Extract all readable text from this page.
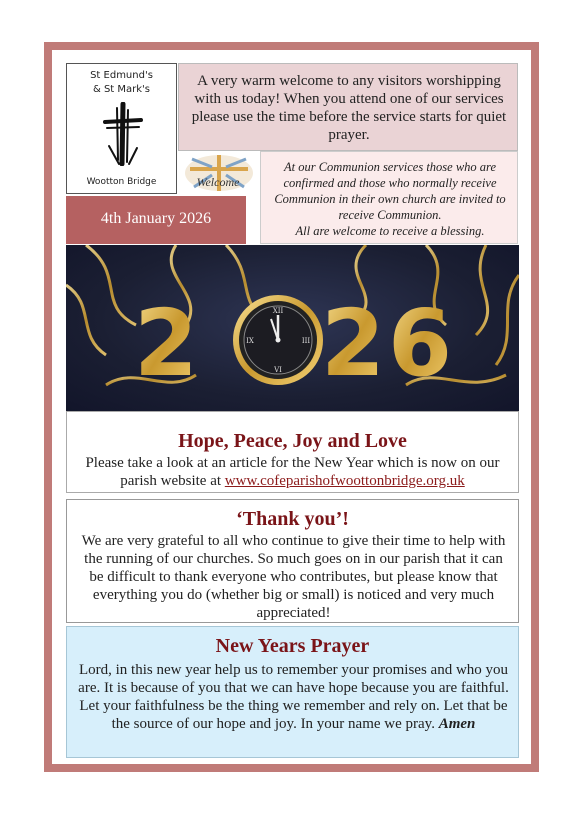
St Edmund's
& St Mark's
Wootton Bridge
A very warm welcome to any visitors worshipping with us today! When you attend one of our services please use the time before the service starts for quiet prayer.
Welcome
At our Communion services those who are confirmed and those who normally receive Communion in their own church are invited to receive Communion.
All are welcome to receive a blessing.
4th January 2026
2 2 6
XII
III
VI
IX
Hope, Peace, Joy and Love
Please take a look at an article for the New Year which is now on our parish website at www.cofeparishofwoottonbridge.org.uk
‘Thank you’!
We are very grateful to all who continue to give their time to help with the running of our churches. So much goes on in our parish that it can be difficult to thank everyone who contributes, but please know that everything you do (whether big or small) is noticed and very much appreciated!
New Years Prayer
Lord, in this new year help us to remember your promises and who you are. It is because of you that we can have hope because you are faithful. Let your faithfulness be the thing we remember and rely on. Let that be the source of our hope and joy. In your name we pray. Amen
